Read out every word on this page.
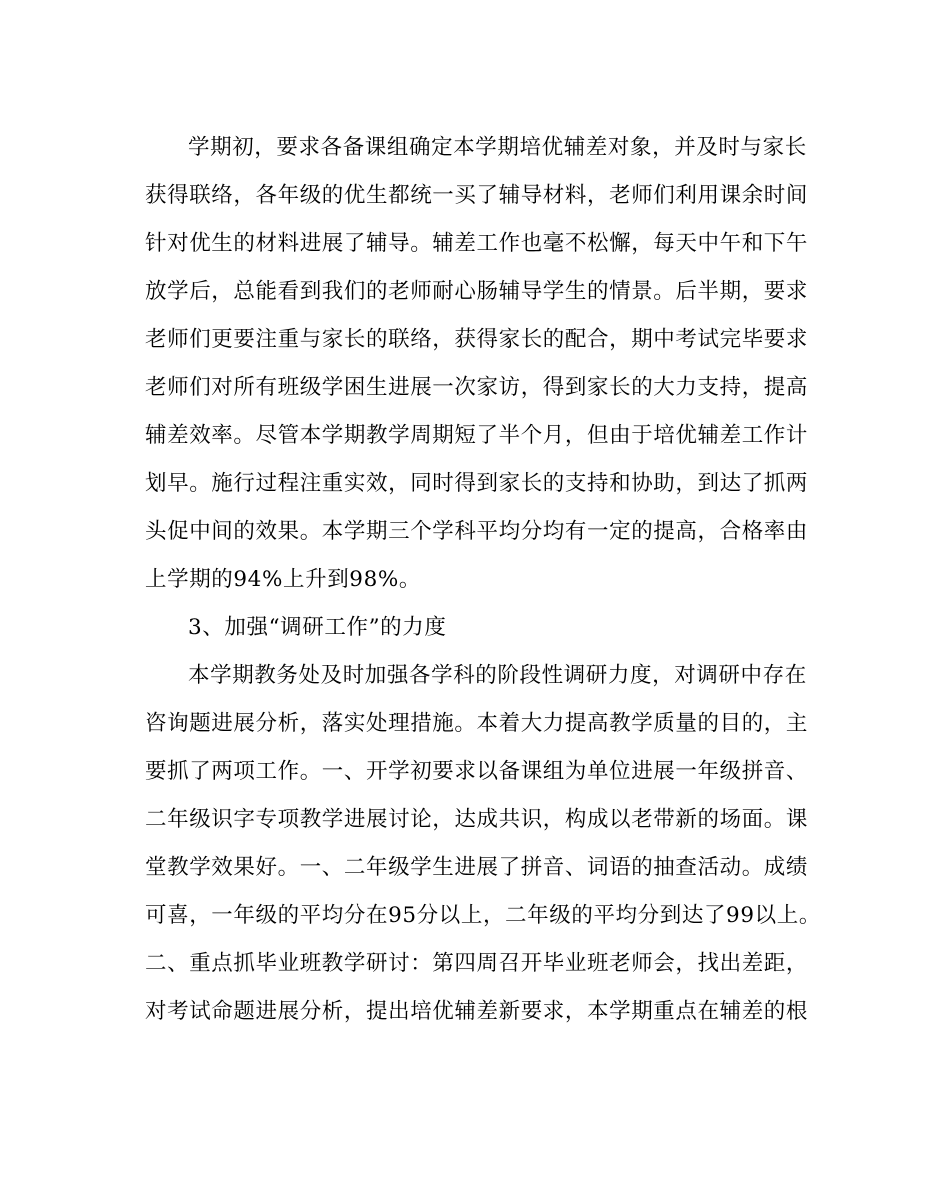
学期初，要求各备课组确定本学期培优辅差对象，并及时与家长
获得联络，各年级的优生都统一买了辅导材料，老师们利用课余时间
针对优生的材料进展了辅导。辅差工作也毫不松懈，每天中午和下午
放学后，总能看到我们的老师耐心肠辅导学生的情景。后半期，要求
老师们更要注重与家长的联络，获得家长的配合，期中考试完毕要求
老师们对所有班级学困生进展一次家访，得到家长的大力支持，提高
辅差效率。尽管本学期教学周期短了半个月，但由于培优辅差工作计
划早。施行过程注重实效，同时得到家长的支持和协助，到达了抓两
头促中间的效果。本学期三个学科平均分均有一定的提高，合格率由
上学期的94%上升到98%。
3、加强“调研工作”的力度
本学期教务处及时加强各学科的阶段性调研力度，对调研中存在
咨询题进展分析，落实处理措施。本着大力提高教学质量的目的，主
要抓了两项工作。一、开学初要求以备课组为单位进展一年级拼音、
二年级识字专项教学进展讨论，达成共识，构成以老带新的场面。课
堂教学效果好。一、二年级学生进展了拼音、词语的抽查活动。成绩
可喜，一年级的平均分在95分以上，二年级的平均分到达了99以上。
二、重点抓毕业班教学研讨：第四周召开毕业班老师会，找出差距，
对考试命题进展分析，提出培优辅差新要求，本学期重点在辅差的根
